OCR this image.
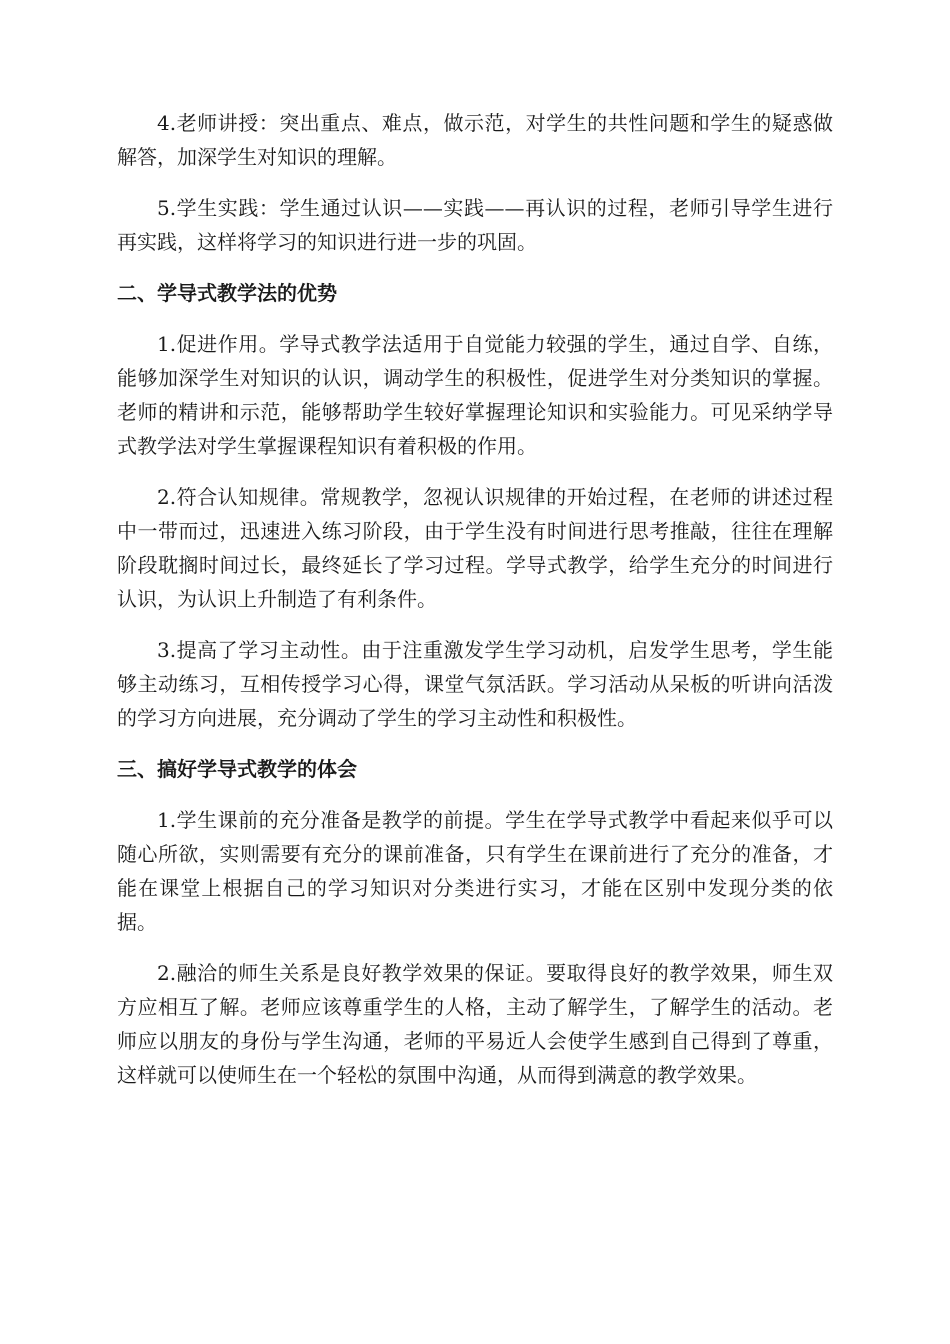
4.老师讲授：突出重点、难点，做示范，对学生的共性问题和学生的疑惑做解答，加深学生对知识的理解。

5.学生实践：学生通过认识——实践——再认识的过程，老师引导学生进行再实践，这样将学习的知识进行进一步的巩固。

二、学导式教学法的优势

1.促进作用。学导式教学法适用于自觉能力较强的学生，通过自学、自练，能够加深学生对知识的认识，调动学生的积极性，促进学生对分类知识的掌握。老师的精讲和示范，能够帮助学生较好掌握理论知识和实验能力。可见采纳学导式教学法对学生掌握课程知识有着积极的作用。

2.符合认知规律。常规教学，忽视认识规律的开始过程，在老师的讲述过程中一带而过，迅速进入练习阶段，由于学生没有时间进行思考推敲，往往在理解阶段耽搁时间过长，最终延长了学习过程。学导式教学，给学生充分的时间进行认识，为认识上升制造了有利条件。

3.提高了学习主动性。由于注重激发学生学习动机，启发学生思考，学生能够主动练习，互相传授学习心得，课堂气氛活跃。学习活动从呆板的听讲向活泼的学习方向进展，充分调动了学生的学习主动性和积极性。

三、搞好学导式教学的体会

1.学生课前的充分准备是教学的前提。学生在学导式教学中看起来似乎可以随心所欲，实则需要有充分的课前准备，只有学生在课前进行了充分的准备，才能在课堂上根据自己的学习知识对分类进行实习，才能在区别中发现分类的依据。

2.融洽的师生关系是良好教学效果的保证。要取得良好的教学效果，师生双方应相互了解。老师应该尊重学生的人格，主动了解学生，了解学生的活动。老师应以朋友的身份与学生沟通，老师的平易近人会使学生感到自己得到了尊重，这样就可以使师生在一个轻松的氛围中沟通，从而得到满意的教学效果。
